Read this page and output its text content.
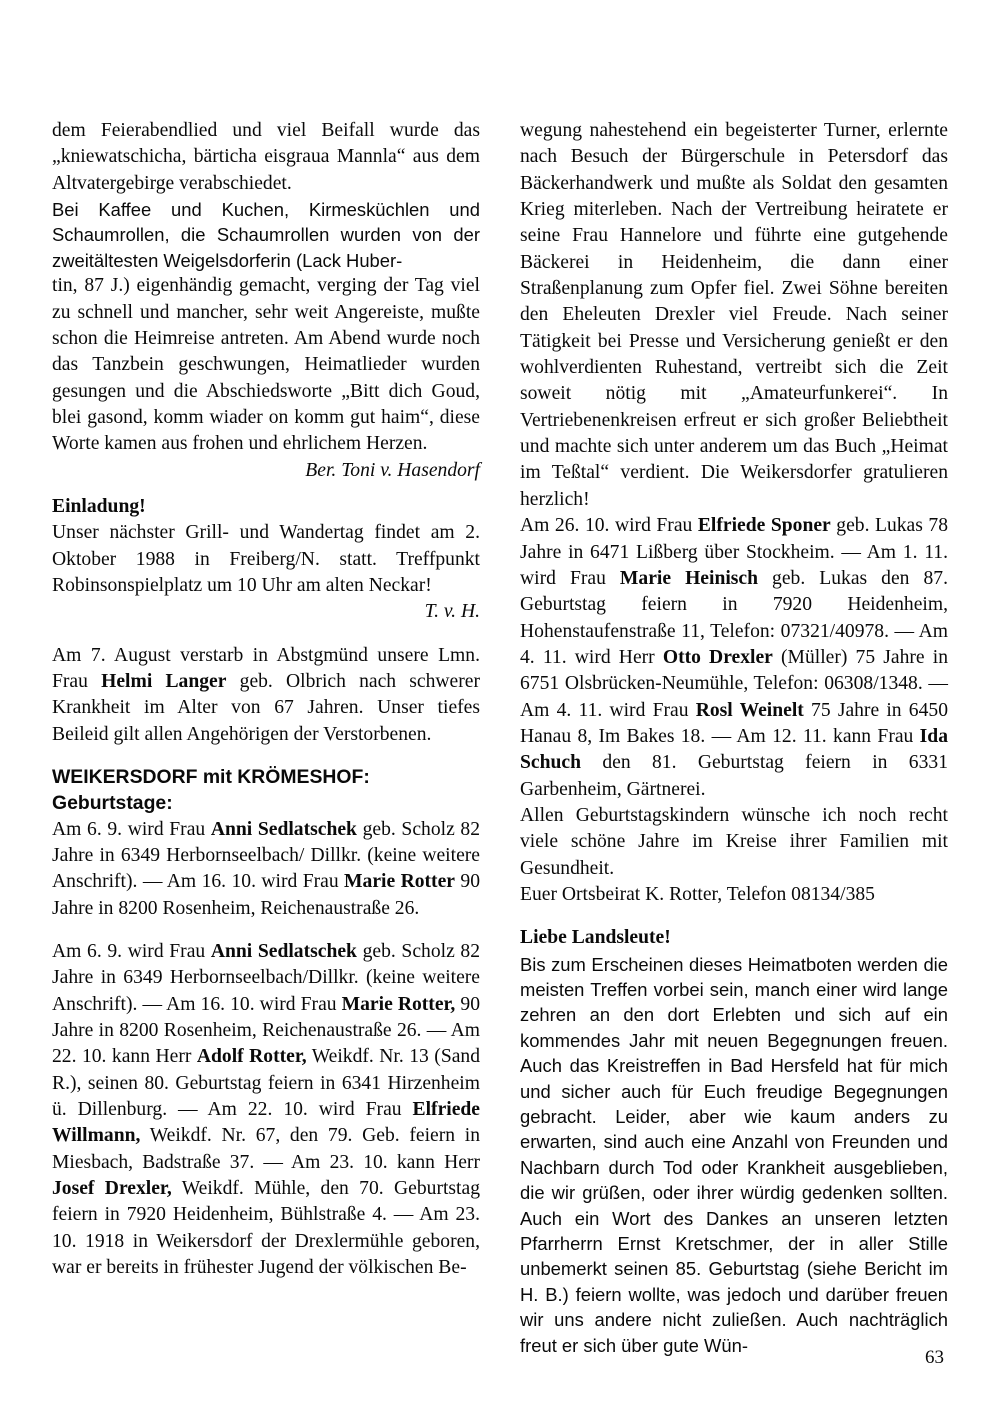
dem Feierabendlied und viel Beifall wurde das „kniewatschicha, bärticha eisgraua Mannla“ aus dem Altvatergebirge verabschiedet.

Bei Kaffee und Kuchen, Kirmesküchlen und Schaumrollen, die Schaumrollen wurden von der zweitältesten Weigelsdorferin (Lack Huber-

tin, 87 J.) eigenhändig gemacht, verging der Tag viel zu schnell und mancher, sehr weit Angereiste, mußte schon die Heimreise antreten. Am Abend wurde noch das Tanzbein geschwungen, Heimatlieder wurden gesungen und die Abschiedsworte „Bitt dich Goud, blei gasond, komm wiader on komm gut haim“, diese Worte kamen aus frohen und ehrlichem Herzen.

Ber. Toni v. Hasendorf

Einladung!

Unser nächster Grill- und Wandertag findet am 2. Oktober 1988 in Freiberg/N. statt. Treffpunkt Robinsonspielplatz um 10 Uhr am alten Neckar!

T. v. H.

Am 7. August verstarb in Abstgmünd unsere Lmn. Frau Helmi Langer geb. Olbrich nach schwerer Krankheit im Alter von 67 Jahren. Unser tiefes Beileid gilt allen Angehörigen der Verstorbenen.

WEIKERSDORF mit KRÖMESHOF:

Geburtstage:

Am 6. 9. wird Frau Anni Sedlatschek geb. Scholz 82 Jahre in 6349 Herbornseelbach/ Dillkr. (keine weitere Anschrift). — Am 16. 10. wird Frau Marie Rotter 90 Jahre in 8200 Rosenheim, Reichenaustraße 26.

Am 6. 9. wird Frau Anni Sedlatschek geb. Scholz 82 Jahre in 6349 Herbornseelbach/Dillkr. (keine weitere Anschrift). — Am 16. 10. wird Frau Marie Rotter, 90 Jahre in 8200 Rosenheim, Reichenaustraße 26. — Am 22. 10. kann Herr Adolf Rotter, Weikdf. Nr. 13 (Sand R.), seinen 80. Geburtstag feiern in 6341 Hirzenheim ü. Dillenburg. — Am 22. 10. wird Frau Elfriede Willmann, Weikdf. Nr. 67, den 79. Geb. feiern in Miesbach, Badstraße 37. — Am 23. 10. kann Herr Josef Drexler, Weikdf. Mühle, den 70. Geburtstag feiern in 7920 Heidenheim, Bühlstraße 4. — Am 23. 10. 1918 in Weikersdorf der Drexlermühle geboren, war er bereits in frühester Jugend der völkischen Be-

wegung nahestehend ein begeisterter Turner, erlernte nach Besuch der Bürgerschule in Petersdorf das Bäckerhandwerk und mußte als Soldat den gesamten Krieg miterleben. Nach der Vertreibung heiratete er seine Frau Hannelore und führte eine gutgehende Bäckerei in Heidenheim, die dann einer Straßenplanung zum Opfer fiel. Zwei Söhne bereiten den Eheleuten Drexler viel Freude. Nach seiner Tätigkeit bei Presse und Versicherung genießt er den wohlverdienten Ruhestand, vertreibt sich die Zeit soweit nötig mit „Amateurfunkerei“. In Vertriebenenkreisen erfreut er sich großer Beliebtheit und machte sich unter anderem um das Buch „Heimat im Teßtal“ verdient. Die Weikersdorfer gratulieren herzlich!

Am 26. 10. wird Frau Elfriede Sponer geb. Lukas 78 Jahre in 6471 Lißberg über Stockheim. — Am 1. 11. wird Frau Marie Heinisch geb. Lukas den 87. Geburtstag feiern in 7920 Heidenheim, Hohenstaufenstraße 11, Telefon: 07321/40978. — Am 4. 11. wird Herr Otto Drexler (Müller) 75 Jahre in 6751 Olsbrücken-Neumühle, Telefon: 06308/1348. — Am 4. 11. wird Frau Rosl Weinelt 75 Jahre in 6450 Hanau 8, Im Bakes 18. — Am 12. 11. kann Frau Ida Schuch den 81. Geburtstag feiern in 6331 Garbenheim, Gärtnerei.

Allen Geburtstagskindern wünsche ich noch recht viele schöne Jahre im Kreise ihrer Familien mit Gesundheit.

Euer Ortsbeirat K. Rotter, Telefon 08134/385

Liebe Landsleute!

Bis zum Erscheinen dieses Heimatboten werden die meisten Treffen vorbei sein, manch einer wird lange zehren an den dort Erlebten und sich auf ein kommendes Jahr mit neuen Begegnungen freuen. Auch das Kreistreffen in Bad Hersfeld hat für mich und sicher auch für Euch freudige Begegnungen gebracht. Leider, aber wie kaum anders zu erwarten, sind auch eine Anzahl von Freunden und Nachbarn durch Tod oder Krankheit ausgeblieben, die wir grüßen, oder ihrer würdig gedenken sollten. Auch ein Wort des Dankes an unseren letzten Pfarrherrn Ernst Kretschmer, der in aller Stille unbemerkt seinen 85. Geburtstag (siehe Bericht im H. B.) feiern wollte, was jedoch und darüber freuen wir uns andere nicht zuließen. Auch nachträglich freut er sich über gute Wün-

63
